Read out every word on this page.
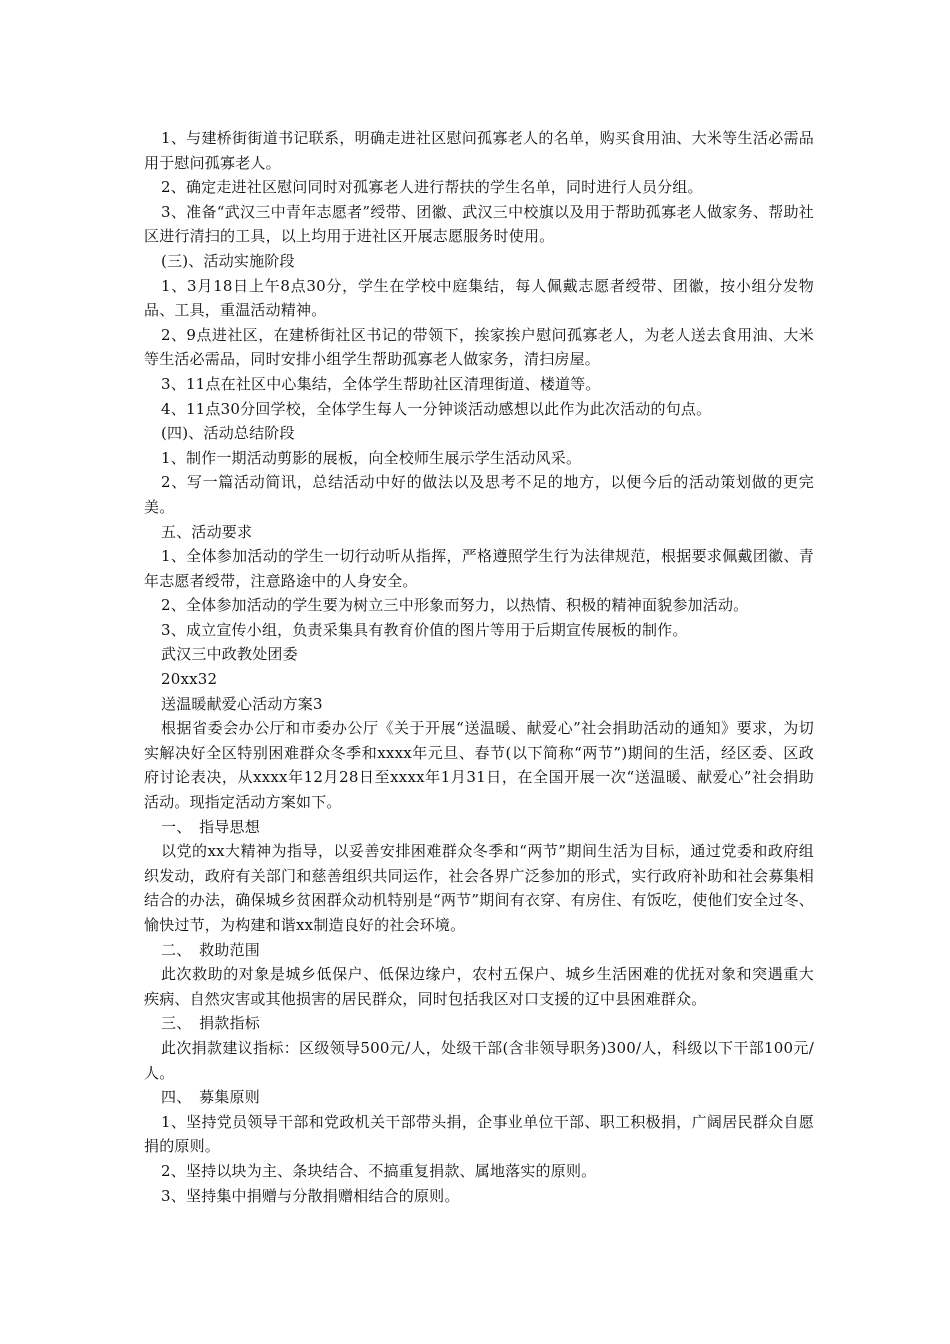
1、与建桥街街道书记联系，明确走进社区慰问孤寡老人的名单，购买食用油、大米等生活必需品用于慰问孤寡老人。

2、确定走进社区慰问同时对孤寡老人进行帮扶的学生名单，同时进行人员分组。

3、准备“武汉三中青年志愿者”绶带、团徽、武汉三中校旗以及用于帮助孤寡老人做家务、帮助社区进行清扫的工具，以上均用于进社区开展志愿服务时使用。

(三)、活动实施阶段

1、3月18日上午8点30分，学生在学校中庭集结，每人佩戴志愿者绶带、团徽，按小组分发物品、工具，重温活动精神。

2、9点进社区，在建桥街社区书记的带领下，挨家挨户慰问孤寡老人，为老人送去食用油、大米等生活必需品，同时安排小组学生帮助孤寡老人做家务，清扫房屋。

3、11点在社区中心集结，全体学生帮助社区清理街道、楼道等。

4、11点30分回学校，全体学生每人一分钟谈活动感想以此作为此次活动的句点。

(四)、活动总结阶段

1、制作一期活动剪影的展板，向全校师生展示学生活动风采。

2、写一篇活动简讯，总结活动中好的做法以及思考不足的地方，以便今后的活动策划做的更完美。

五、活动要求

1、全体参加活动的学生一切行动听从指挥，严格遵照学生行为法律规范，根据要求佩戴团徽、青年志愿者绶带，注意路途中的人身安全。

2、全体参加活动的学生要为树立三中形象而努力，以热情、积极的精神面貌参加活动。

3、成立宣传小组，负责采集具有教育价值的图片等用于后期宣传展板的制作。

武汉三中政教处团委

20xx32

送温暖献爱心活动方案3

根据省委会办公厅和市委办公厅《关于开展“送温暖、献爱心”社会捐助活动的通知》要求，为切实解决好全区特别困难群众冬季和xxxx年元旦、春节(以下简称“两节”)期间的生活，经区委、区政府讨论表决，从xxxx年12月28日至xxxx年1月31日，在全国开展一次“送温暖、献爱心”社会捐助活动。现指定活动方案如下。

一、　指导思想

以党的xx大精神为指导，以妥善安排困难群众冬季和“两节”期间生活为目标，通过党委和政府组织发动，政府有关部门和慈善组织共同运作，社会各界广泛参加的形式，实行政府补助和社会募集相结合的办法，确保城乡贫困群众动机特别是“两节”期间有衣穿、有房住、有饭吃，使他们安全过冬、愉快过节，为构建和谐xx制造良好的社会环境。

二、　救助范围

此次救助的对象是城乡低保户、低保边缘户，农村五保户、城乡生活困难的优抚对象和突遇重大疾病、自然灾害或其他损害的居民群众，同时包括我区对口支援的辽中县困难群众。

三、　捐款指标

此次捐款建议指标：区级领导500元/人，处级干部(含非领导职务)300/人，科级以下干部100元/人。

四、　募集原则

1、坚持党员领导干部和党政机关干部带头捐，企事业单位干部、职工积极捐，广阔居民群众自愿捐的原则。

2、坚持以块为主、条块结合、不搞重复捐款、属地落实的原则。

3、坚持集中捐赠与分散捐赠相结合的原则。
